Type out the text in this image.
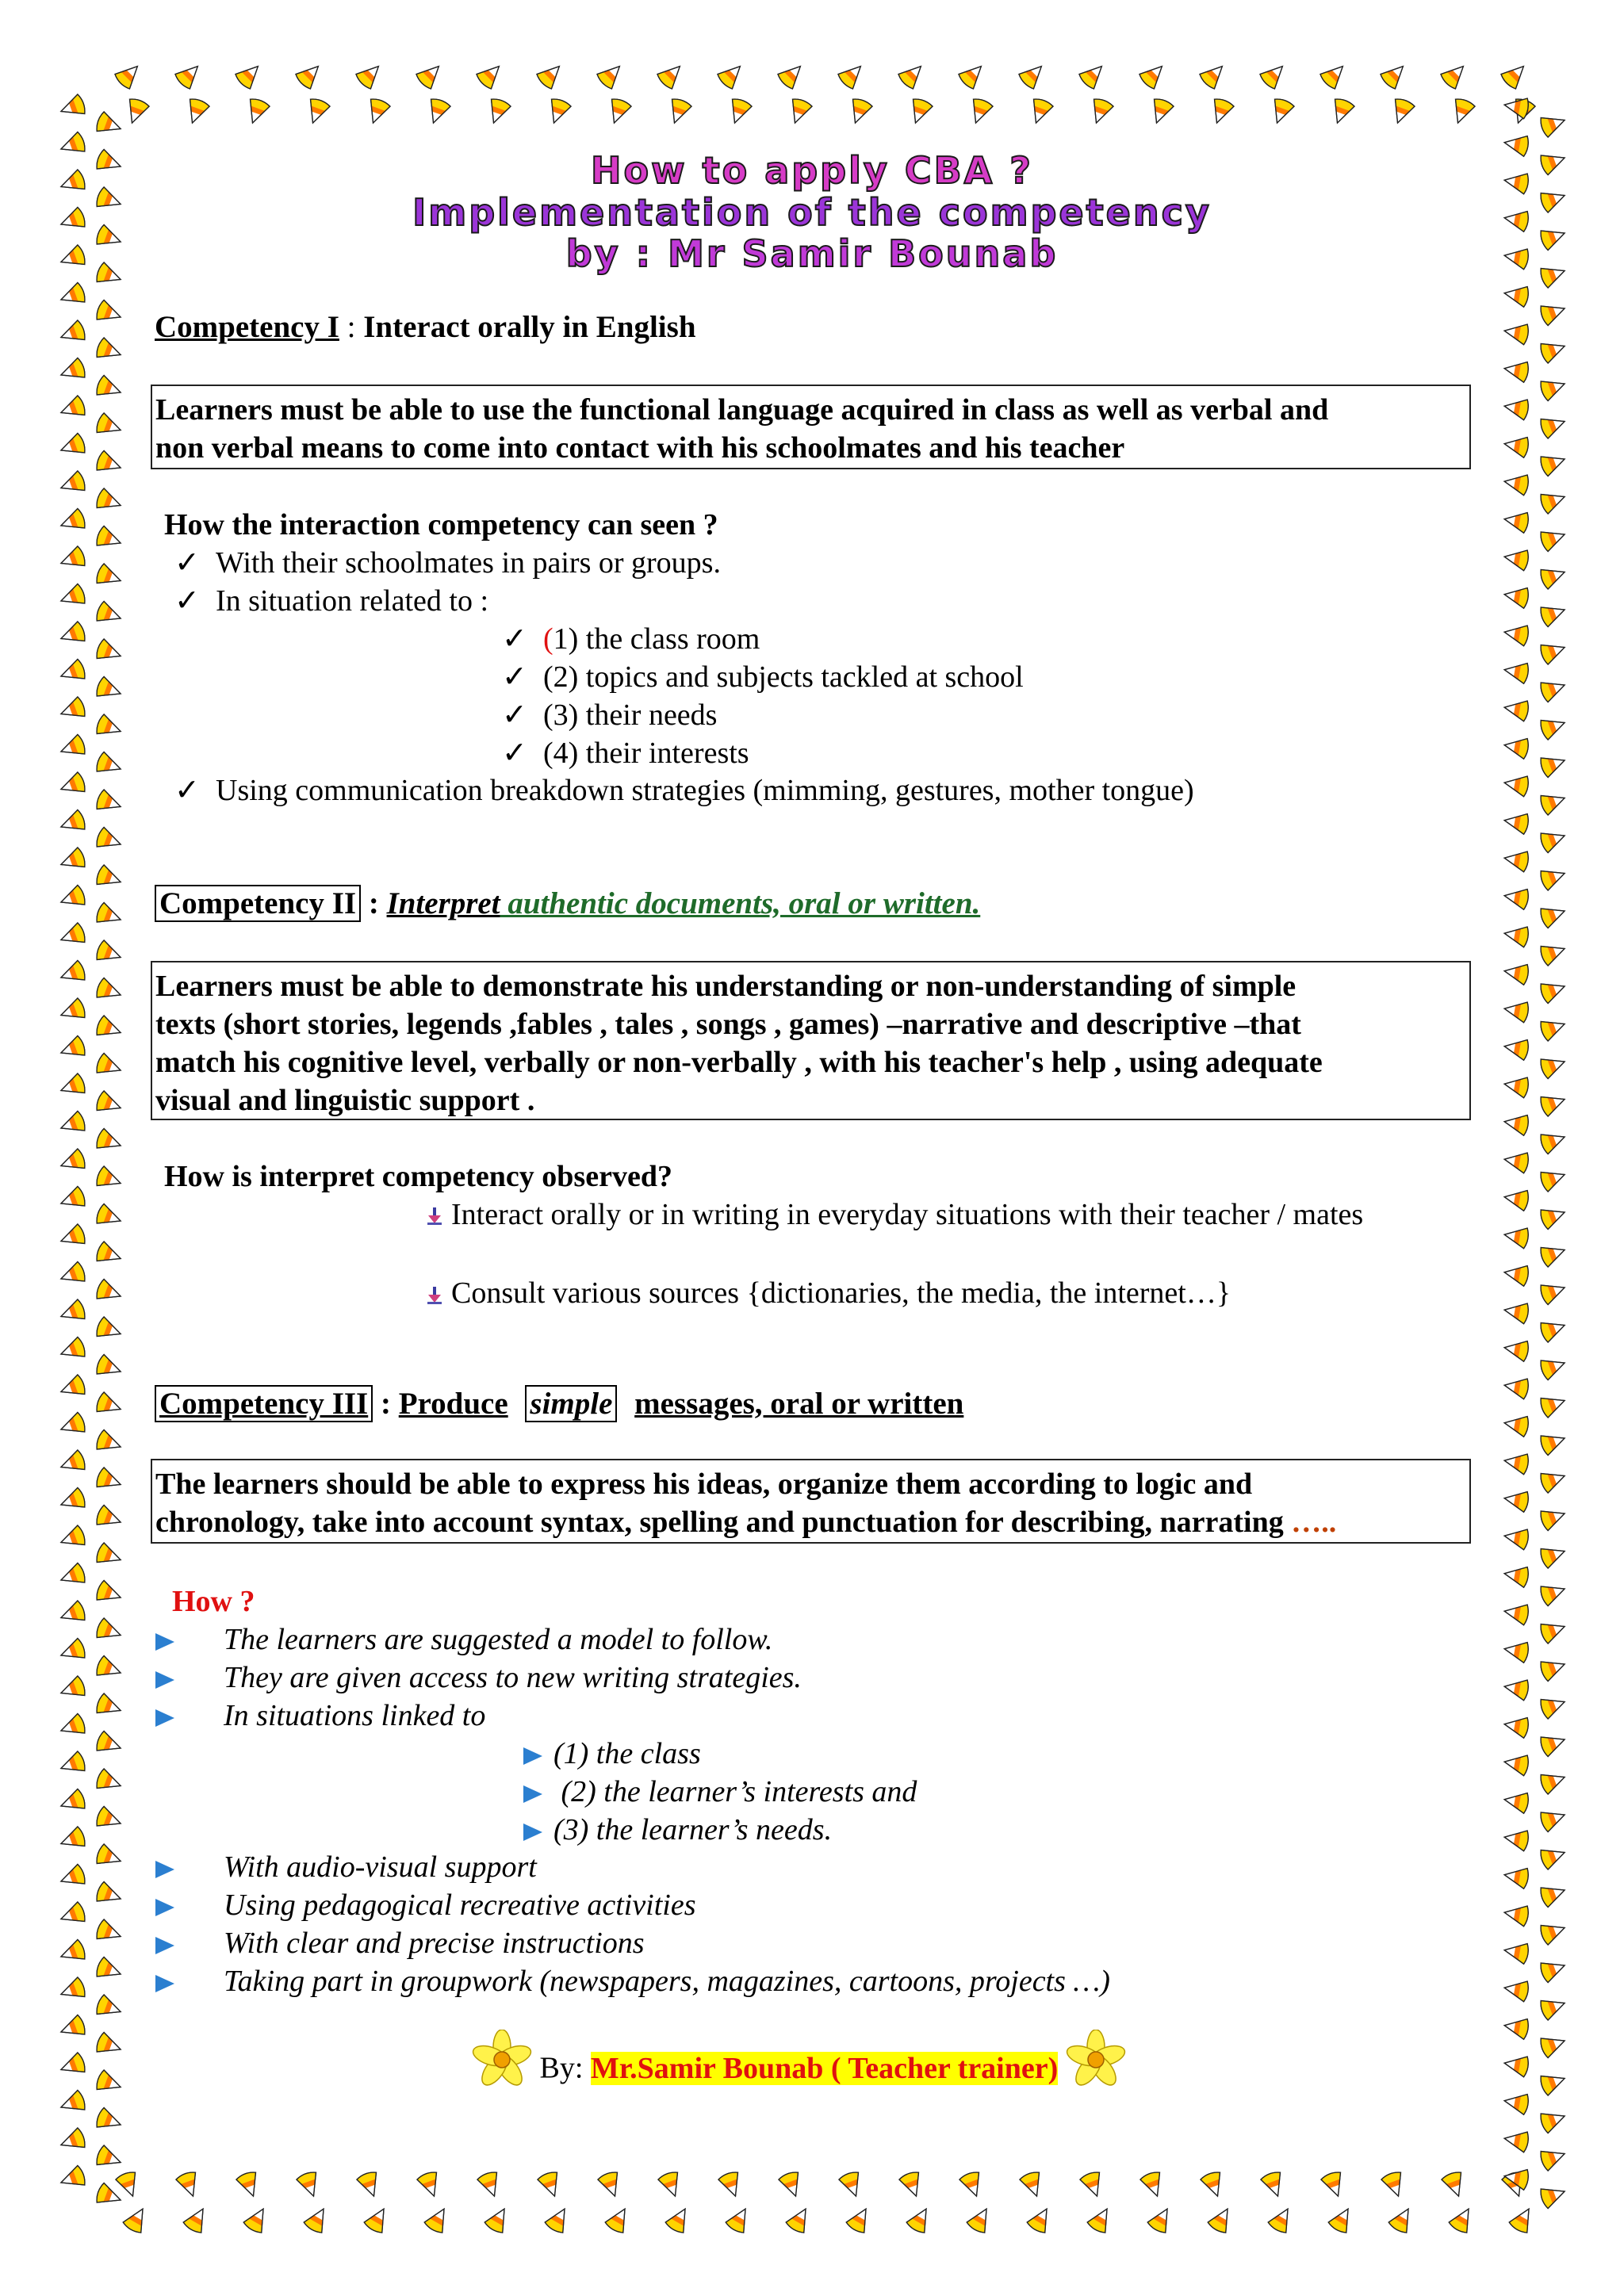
How to apply CBA ?
Implementation of the competency
by : Mr Samir Bounab
Competency I : Interact orally in English
Learners must be able to use the functional language acquired in class as well as verbal and
non verbal means to come into contact with his schoolmates and his teacher
How the interaction competency can seen ?
✓ With their schoolmates in pairs or groups.
✓ In situation related to :
✓ (1) the class room
✓ (2) topics and subjects tackled at school
✓ (3) their needs
✓ (4) their interests
✓ Using communication breakdown strategies (mimming, gestures, mother tongue)
Competency II : Interpret authentic documents, oral or written.
Learners must be able to demonstrate his understanding or non-understanding of simple
texts (short stories, legends ,fables , tales , songs , games) –narrative and descriptive –that
match his cognitive level, verbally or non-verbally , with his teacher's help , using adequate
visual and linguistic support .
How is interpret competency observed?
Interact orally or in writing in everyday situations with their teacher / mates
Consult various sources {dictionaries, the media, the internet…}
Competency III : Produce simple messages, oral or written
The learners should be able to express his ideas, organize them according to logic and
chronology, take into account syntax, spelling and punctuation for describing, narrating …..
How ?
The learners are suggested a model to follow.
They are given access to new writing strategies.
In situations linked to
(1) the class
(2) the learner’s interests and
(3) the learner’s needs.
With audio-visual support
Using pedagogical recreative activities
With clear and precise instructions
Taking part in groupwork (newspapers, magazines, cartoons, projects …)
By: Mr.Samir Bounab ( Teacher trainer)
